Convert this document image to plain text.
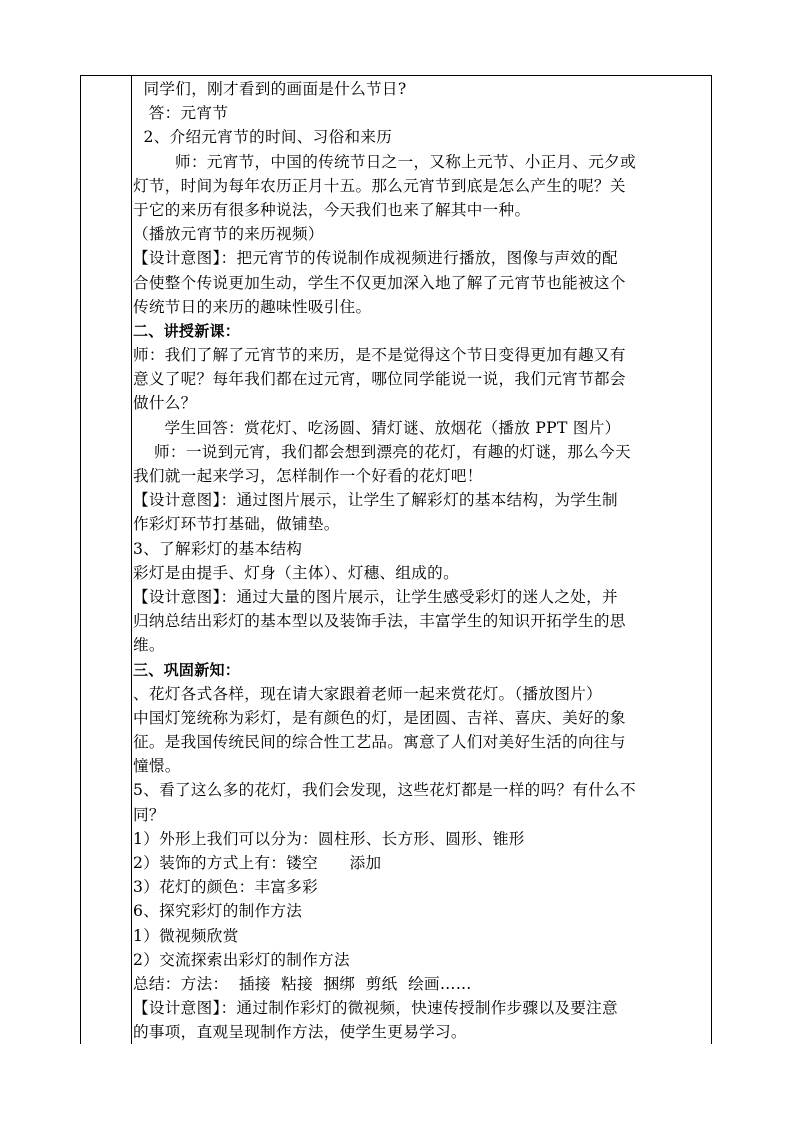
同学们，刚才看到的画面是什么节日?
答：元宵节
2、介绍元宵节的时间、习俗和来历
师：元宵节，中国的传统节日之一，又称上元节、小正月、元夕或
灯节，时间为每年农历正月十五。那么元宵节到底是怎么产生的呢？关
于它的来历有很多种说法，今天我们也来了解其中一种。
（播放元宵节的来历视频）
【设计意图】：把元宵节的传说制作成视频进行播放，图像与声效的配
合使整个传说更加生动，学生不仅更加深入地了解了元宵节也能被这个
传统节日的来历的趣味性吸引住。
二、讲授新课：
师：我们了解了元宵节的来历，是不是觉得这个节日变得更加有趣又有
意义了呢？每年我们都在过元宵，哪位同学能说一说，我们元宵节都会
做什么？
学生回答：赏花灯、吃汤圆、猜灯谜、放烟花（播放 PPT 图片）
师：一说到元宵，我们都会想到漂亮的花灯，有趣的灯谜，那么今天
我们就一起来学习，怎样制作一个好看的花灯吧！
【设计意图】：通过图片展示，让学生了解彩灯的基本结构，为学生制
作彩灯环节打基础，做铺垫。
3、了解彩灯的基本结构
彩灯是由提手、灯身（主体）、灯穗、组成的。
【设计意图】：通过大量的图片展示，让学生感受彩灯的迷人之处，并
归纳总结出彩灯的基本型以及装饰手法，丰富学生的知识开拓学生的思
维。
三、巩固新知：
、花灯各式各样，现在请大家跟着老师一起来赏花灯。（播放图片）
中国灯笼统称为彩灯，是有颜色的灯，是团圆、吉祥、喜庆、美好的象
征。是我国传统民间的综合性工艺品。寓意了人们对美好生活的向往与
憧憬。
5、看了这么多的花灯，我们会发现，这些花灯都是一样的吗？有什么不
同？
1）外形上我们可以分为：圆柱形、长方形、圆形、锥形
2）装饰的方式上有：镂空      添加
3）花灯的颜色：丰富多彩
6、探究彩灯的制作方法
1）微视频欣赏
2）交流探索出彩灯的制作方法
总结：方法：  插接  粘接  捆绑  剪纸  绘画……
【设计意图】：通过制作彩灯的微视频，快速传授制作步骤以及要注意
的事项，直观呈现制作方法，使学生更易学习。
